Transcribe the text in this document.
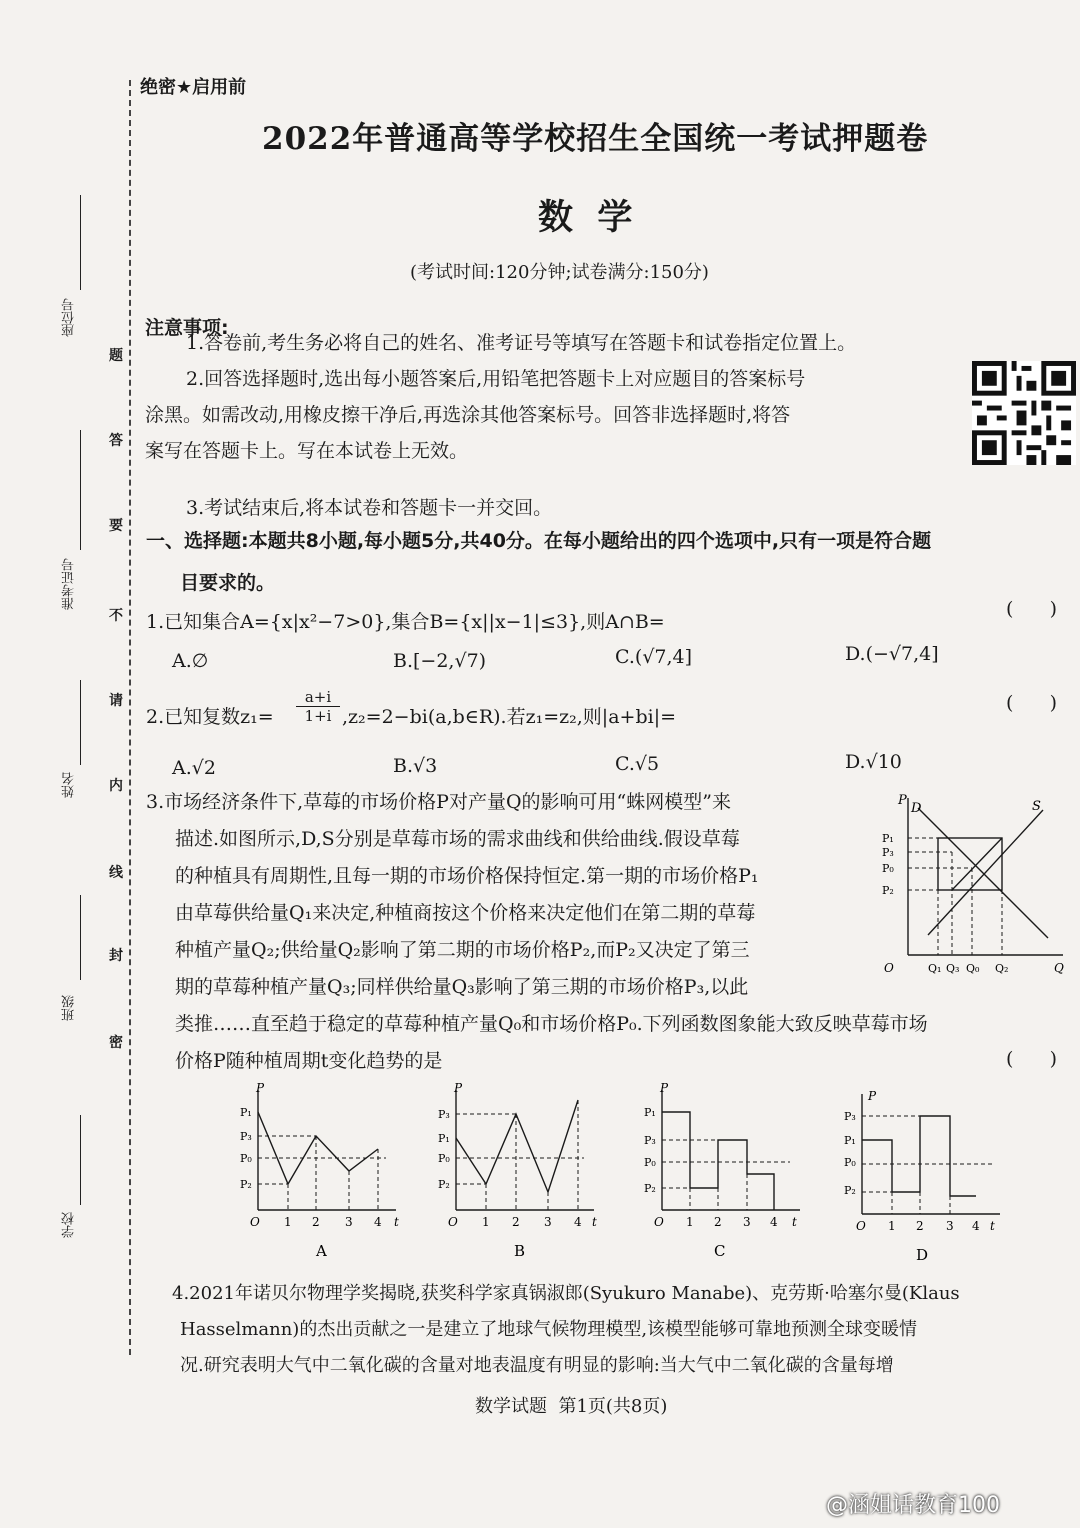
题
答
要
不
请
内
线
封
密
座位号
准考证号
姓名
班级
学校
绝密★启用前
2022年普通高等学校招生全国统一考试押题卷
数  学
(考试时间:120分钟;试卷满分:150分)
注意事项:
1.答卷前,考生务必将自己的姓名、准考证号等填写在答题卡和试卷指定位置上。
2.回答选择题时,选出每小题答案后,用铅笔把答题卡上对应题目的答案标号
涂黑。如需改动,用橡皮擦干净后,再选涂其他答案标号。回答非选择题时,将答
案写在答题卡上。写在本试卷上无效。
3.考试结束后,将本试卷和答题卡一并交回。
一、选择题:本题共8小题,每小题5分,共40分。在每小题给出的四个选项中,只有一项是符合题
目要求的。
1.已知集合A={x|x²−7>0},集合B={x||x−1|≤3},则A∩B=
(      )
A.∅	B.[−2,√7)	C.(√7,4]	D.(−√7,4]
2.已知复数$z_1= \frac{a+i}{1+i}$ ,z₂=2−bi(a,b∈R).若z₁=z₂,则|a+bi|=
(      )
A.√2	B.√3	C.√5	D.√10
3.市场经济条件下,草莓的市场价格P对产量Q的影响可用“蛛网模型”来
描述.如图所示,D,S分别是草莓市场的需求曲线和供给曲线.假设草莓
的种植具有周期性,且每一期的市场价格保持恒定.第一期的市场价格P₁
由草莓供给量Q₁来决定,种植商按这个价格来决定他们在第二期的草莓
种植产量Q₂;供给量Q₂影响了第二期的市场价格P₂,而P₂又决定了第三
期的草莓种植产量Q₃;同样供给量Q₃影响了第三期的市场价格P₃,以此
类推……直至趋于稳定的草莓种植产量Q₀和市场价格P₀.下列函数图象能大致反映草莓市场
价格P随种植周期t变化趋势的是	(      )
P
D	S
P₁
P₃
P₀
P₂
O	Q₁ Q₃ Q₀ Q₂	Q
P
P₁
P₃
P₀
P₂
O 1 2 3 4 t
A
P
P₃
P₁
P₀
P₂
O 1 2 3 4 t
B
P
P₁
P₃
P₀
P₂
O 1 2 3 4 t
C
P
P₃
P₁
P₀
P₂
O 1 2 3 4 t
D
4.2021年诺贝尔物理学奖揭晓,获奖科学家真锅淑郎(Syukuro Manabe)、克劳斯·哈塞尔曼(Klaus
Hasselmann)的杰出贡献之一是建立了地球气候物理模型,该模型能够可靠地预测全球变暖情
况.研究表明大气中二氧化碳的含量对地表温度有明显的影响:当大气中二氧化碳的含量每增
数学试题  第1页(共8页)
@涵姐话教育100
